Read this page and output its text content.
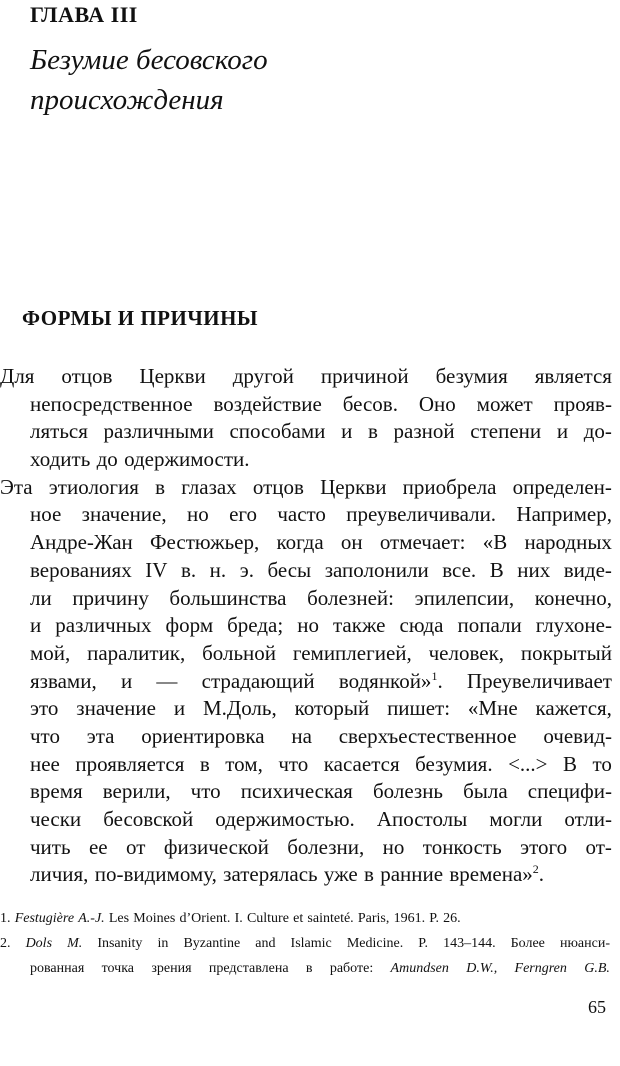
ГЛАВА III
Безумие бесовского
происхождения
ФОРМЫ И ПРИЧИНЫ
Для отцов Церкви другой причиной безумия является
непосредственное воздействие бесов. Оно может прояв-
ляться различными способами и в разной степени и до-
ходить до одержимости.
Эта этиология в глазах отцов Церкви приобрела определен-
ное значение, но его часто преувеличивали. Например,
Андре-Жан Фестюжьер, когда он отмечает: «В народных
верованиях IV в. н. э. бесы заполонили все. В них виде-
ли причину большинства болезней: эпилепсии, конечно,
и различных форм бреда; но также сюда попали глухоне-
мой, паралитик, больной гемиплегией, человек, покрытый
язвами, и — страдающий водянкой»$^1$. Преувеличивает
это значение и М.Доль, который пишет: «Мне кажется,
что эта ориентировка на сверхъестественное очевид-
нее проявляется в том, что касается безумия. <...> В то
время верили, что психическая болезнь была специфи-
чески бесовской одержимостью. Апостолы могли отли-
чить ее от физической болезни, но тонкость этого от-
личия, по-видимому, затерялась уже в ранние времена»$^2$.
1. Festugière A.-J. Les Moines d’Orient. I. Culture et sainteté. Paris, 1961. P. 26.
2. Dols M. Insanity in Byzantine and Islamic Medicine. P. 143–144. Более нюанси-
рованная точка зрения представлена в работе: Amundsen D.W., Ferngren G.B.
65
